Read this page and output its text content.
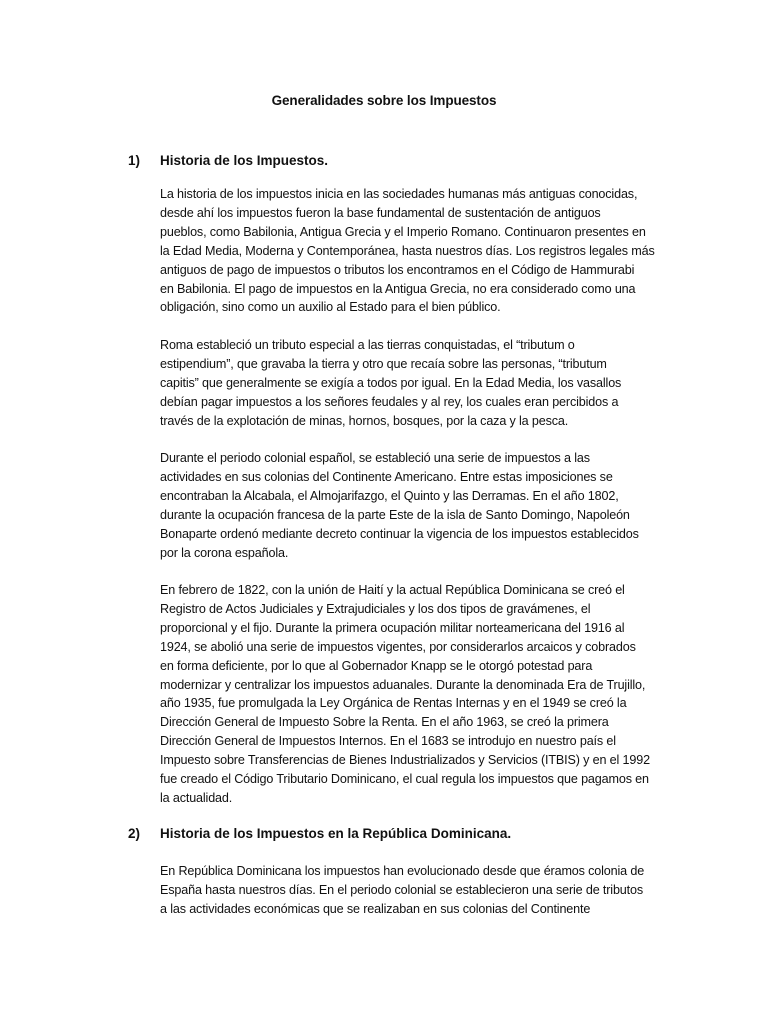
Generalidades sobre los Impuestos
1) Historia de los Impuestos.
La historia de los impuestos inicia en las sociedades humanas más antiguas conocidas,
desde ahí los impuestos fueron la base fundamental de sustentación de antiguos
pueblos, como Babilonia, Antigua Grecia y el Imperio Romano. Continuaron presentes en
la Edad Media, Moderna y Contemporánea, hasta nuestros días. Los registros legales más
antiguos de pago de impuestos o tributos los encontramos en el Código de Hammurabi
en Babilonia. El pago de impuestos en la Antigua Grecia, no era considerado como una
obligación, sino como un auxilio al Estado para el bien público.
Roma estableció un tributo especial a las tierras conquistadas, el “tributum o
estipendium”, que gravaba la tierra y otro que recaía sobre las personas, “tributum
capitis” que generalmente se exigía a todos por igual. En la Edad Media, los vasallos
debían pagar impuestos a los señores feudales y al rey, los cuales eran percibidos a
través de la explotación de minas, hornos, bosques, por la caza y la pesca.
Durante el periodo colonial español, se estableció una serie de impuestos a las
actividades en sus colonias del Continente Americano. Entre estas imposiciones se
encontraban la Alcabala, el Almojarifazgo, el Quinto y las Derramas. En el año 1802,
durante la ocupación francesa de la parte Este de la isla de Santo Domingo, Napoleón
Bonaparte ordenó mediante decreto continuar la vigencia de los impuestos establecidos
por la corona española.
En febrero de 1822, con la unión de Haití y la actual República Dominicana se creó el
Registro de Actos Judiciales y Extrajudiciales y los dos tipos de gravámenes, el
proporcional y el fijo. Durante la primera ocupación militar norteamericana del 1916 al
1924, se abolió una serie de impuestos vigentes, por considerarlos arcaicos y cobrados
en forma deficiente, por lo que al Gobernador Knapp se le otorgó potestad para
modernizar y centralizar los impuestos aduanales. Durante la denominada Era de Trujillo,
año 1935, fue promulgada la Ley Orgánica de Rentas Internas y en el 1949 se creó la
Dirección General de Impuesto Sobre la Renta. En el año 1963, se creó la primera
Dirección General de Impuestos Internos. En el 1683 se introdujo en nuestro país el
Impuesto sobre Transferencias de Bienes Industrializados y Servicios (ITBIS) y en el 1992
fue creado el Código Tributario Dominicano, el cual regula los impuestos que pagamos en
la actualidad.
2) Historia de los Impuestos en la República Dominicana.
En República Dominicana los impuestos han evolucionado desde que éramos colonia de
España hasta nuestros días. En el periodo colonial se establecieron una serie de tributos
a las actividades económicas que se realizaban en sus colonias del Continente
